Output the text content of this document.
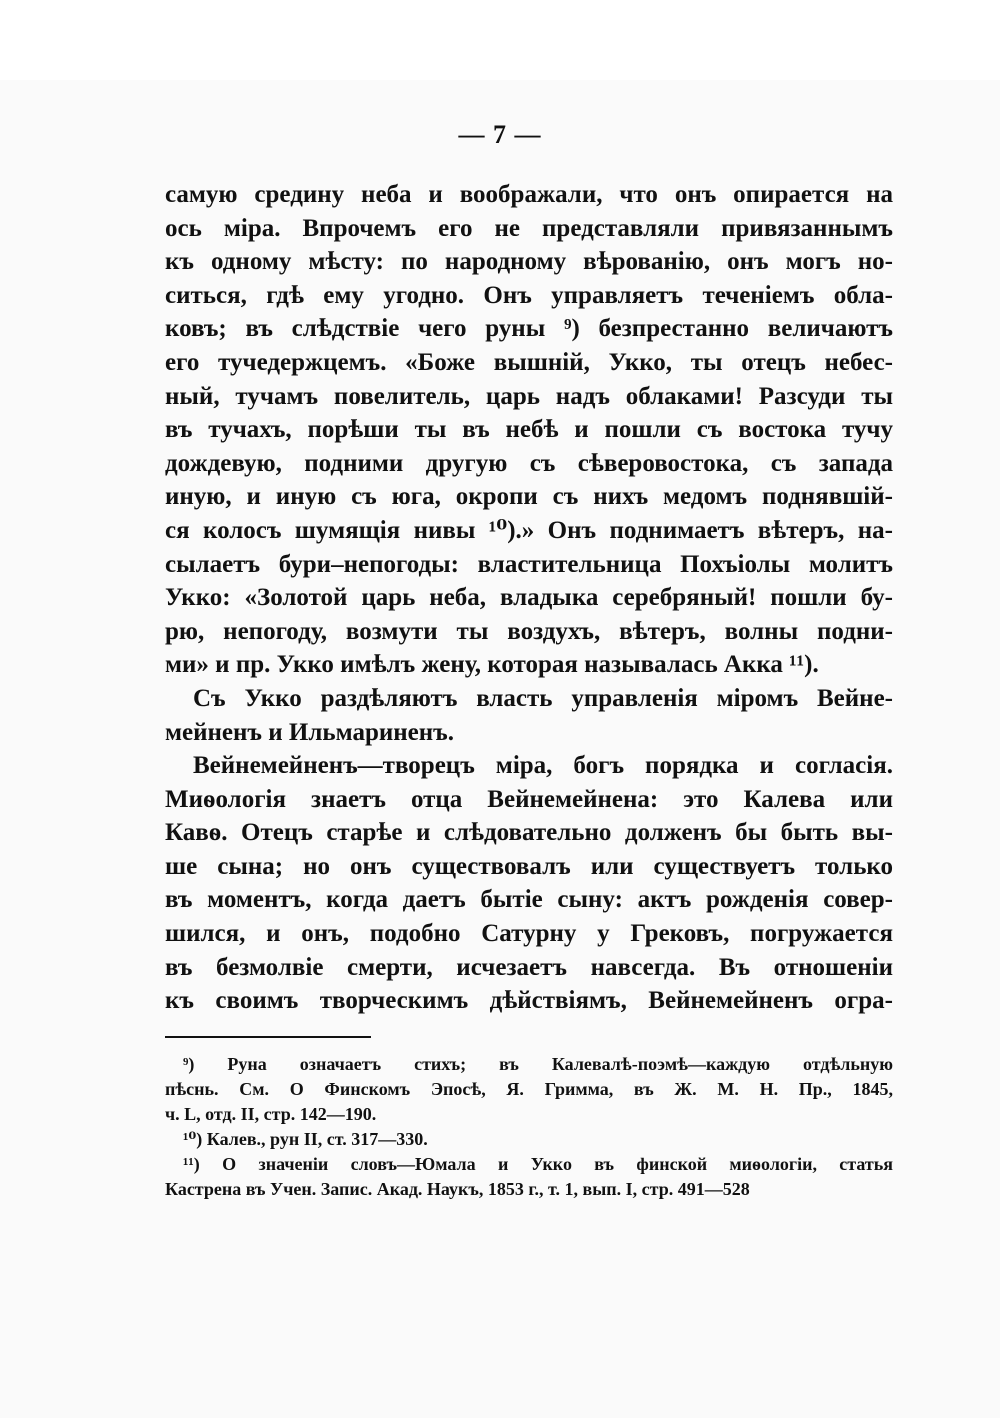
— 7 —
самую средину неба и воображали, что онъ опирается на
ось міра. Впрочемъ его не представляли привязаннымъ
къ одному мѣсту: по народному вѣрованію, онъ могъ но-
ситься, гдѣ ему угодно. Онъ управляетъ теченіемъ обла-
ковъ; въ слѣдствіе чего руны ⁹) безпрестанно величаютъ
его тучедержцемъ. «Боже вышній, Укко, ты отецъ небес-
ный, тучамъ повелитель, царь надъ облаками! Разсуди ты
въ тучахъ, порѣши ты въ небѣ и пошли съ востока тучу
дождевую, подними другую съ сѣверовостока, съ запада
иную, и иную съ юга, окропи съ нихъ медомъ поднявшій-
ся колосъ шумящія нивы ¹⁰).» Онъ поднимаетъ вѣтеръ, на-
сылаетъ бури–непогоды: властительница Похъіолы молитъ
Укко: «Золотой царь неба, владыка серебряный! пошли бу-
рю, непогоду, возмути ты воздухъ, вѣтеръ, волны подни-
ми» и пр. Укко имѣлъ жену, которая называлась Акка ¹¹).
Съ Укко раздѣляютъ власть управленія міромъ Вейне-
мейненъ и Ильмариненъ.
Вейнемейненъ—творецъ міра, богъ порядка и согласія.
Миѳологія знаетъ отца Вейнемейнена: это Калева или
Кавѳ. Отецъ старѣе и слѣдовательно долженъ бы быть вы-
ше сына; но онъ существовалъ или существуетъ только
въ моментъ, когда даетъ бытіе сыну: актъ рожденія совер-
шился, и онъ, подобно Сатурну у Грековъ, погружается
въ безмолвіе смерти, исчезаетъ навсегда. Въ отношеніи
къ своимъ творческимъ дѣйствіямъ, Вейнемейненъ огра-
⁹) Руна означаетъ стихъ; въ Калевалѣ-поэмѣ—каждую отдѣльную
пѣснь. См. О Финскомъ Эпосѣ, Я. Гримма, въ Ж. М. Н. Пр., 1845,
ч. L, отд. II, стр. 142—190.
¹⁰) Калев., рун II, ст. 317—330.
¹¹) О значеніи словъ—Юмала и Укко въ финской миѳологіи, статья
Кастрена въ Учен. Запис. Акад. Наукъ, 1853 г., т. 1, вып. I, стр. 491—528
